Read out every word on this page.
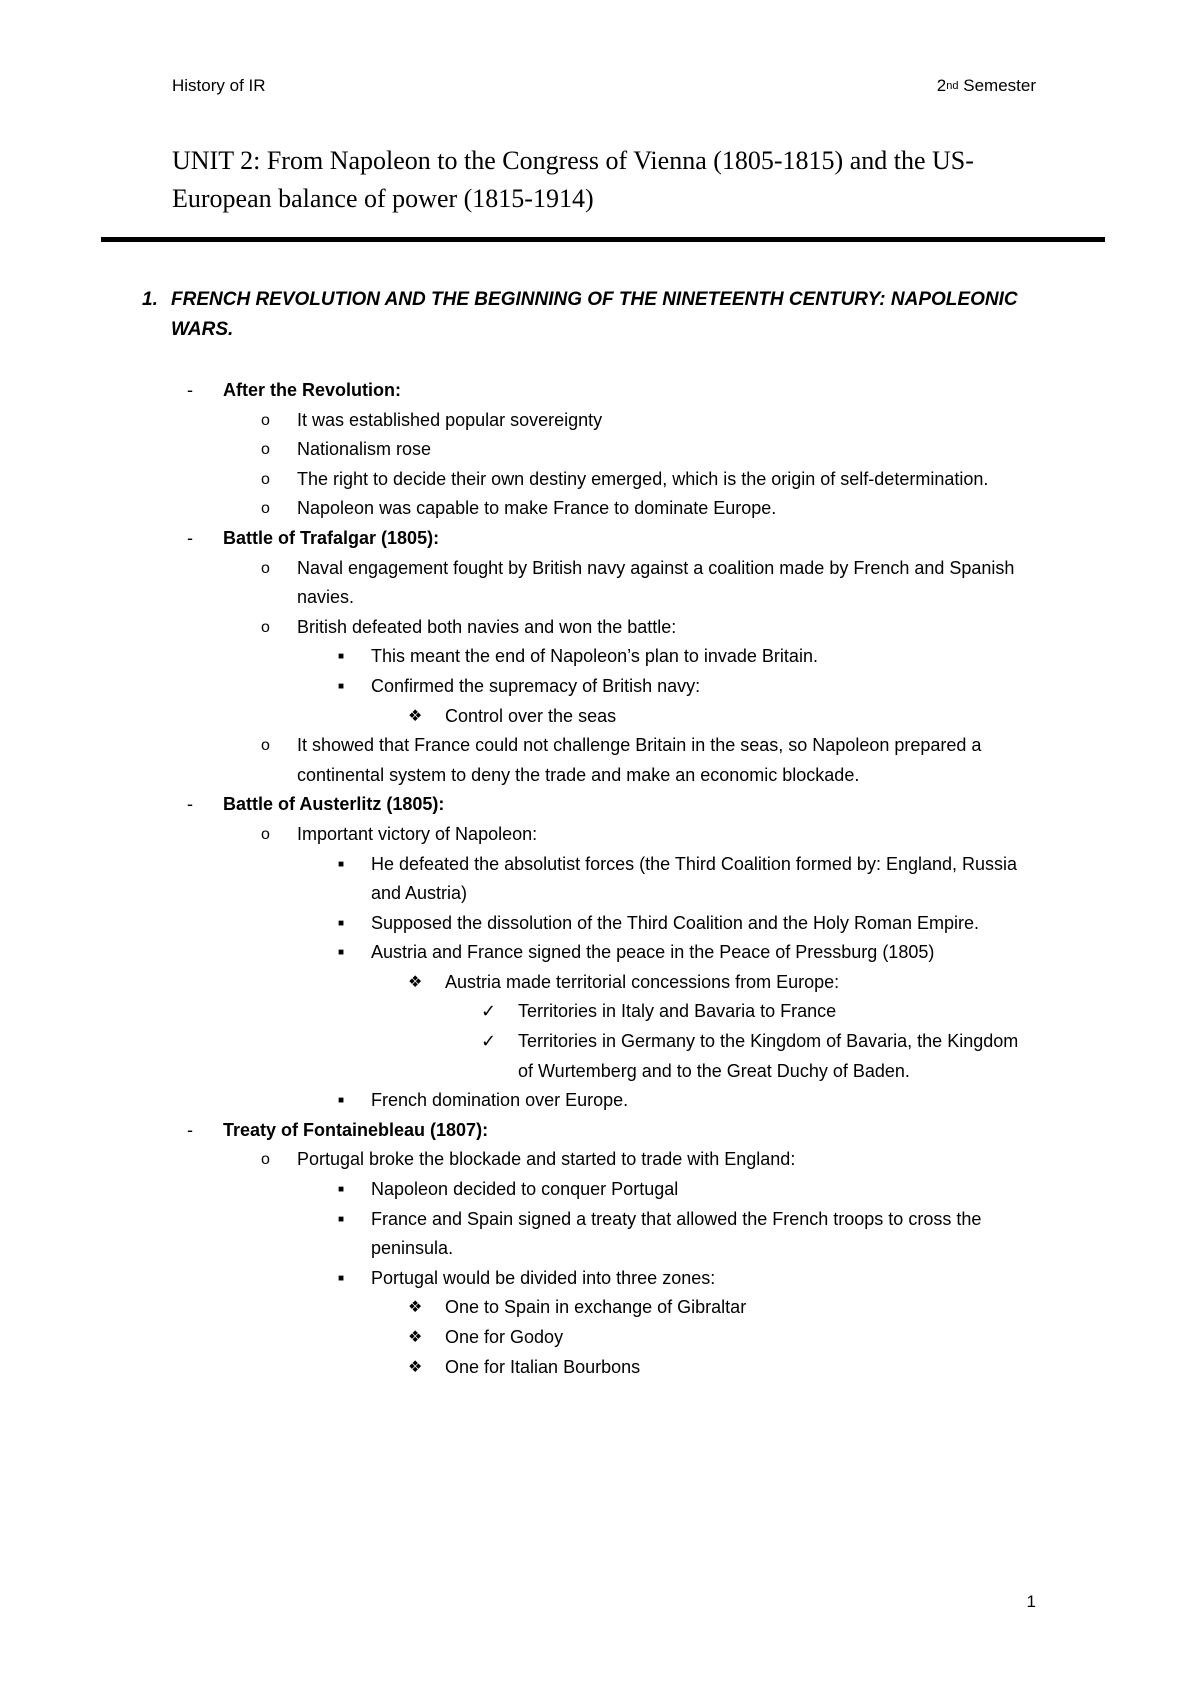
History of IR	2nd Semester
UNIT 2: From Napoleon to the Congress of Vienna (1805-1815) and the US-European balance of power (1815-1914)
1. FRENCH REVOLUTION AND THE BEGINNING OF THE NINETEENTH CENTURY: NAPOLEONIC WARS.
- After the Revolution:
o It was established popular sovereignty
o Nationalism rose
o The right to decide their own destiny emerged, which is the origin of self-determination.
o Napoleon was capable to make France to dominate Europe.
- Battle of Trafalgar (1805):
o Naval engagement fought by British navy against a coalition made by French and Spanish navies.
o British defeated both navies and won the battle:
■ This meant the end of Napoleon’s plan to invade Britain.
■ Confirmed the supremacy of British navy:
❖ Control over the seas
o It showed that France could not challenge Britain in the seas, so Napoleon prepared a continental system to deny the trade and make an economic blockade.
- Battle of Austerlitz (1805):
o Important victory of Napoleon:
■ He defeated the absolutist forces (the Third Coalition formed by: England, Russia and Austria)
■ Supposed the dissolution of the Third Coalition and the Holy Roman Empire.
■ Austria and France signed the peace in the Peace of Pressburg (1805)
❖ Austria made territorial concessions from Europe:
✓ Territories in Italy and Bavaria to France
✓ Territories in Germany to the Kingdom of Bavaria, the Kingdom of Wurtemberg and to the Great Duchy of Baden.
■ French domination over Europe.
- Treaty of Fontainebleau (1807):
o Portugal broke the blockade and started to trade with England:
■ Napoleon decided to conquer Portugal
■ France and Spain signed a treaty that allowed the French troops to cross the peninsula.
■ Portugal would be divided into three zones:
❖ One to Spain in exchange of Gibraltar
❖ One for Godoy
❖ One for Italian Bourbons
1
